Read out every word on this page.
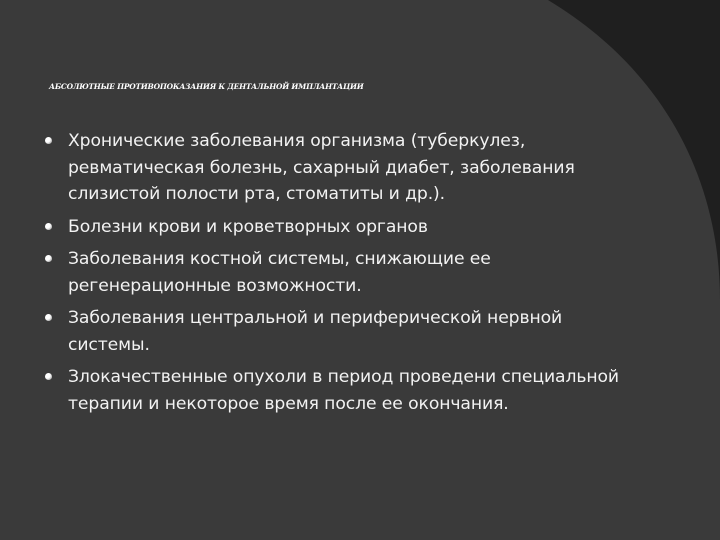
АБСОЛЮТНЫЕ ПРОТИВОПОКАЗАНИЯ К ДЕНТАЛЬНОЙ ИМПЛАНТАЦИИ
Хронические заболевания организма (туберкулез, ревматическая болезнь, сахарный диабет, заболевания слизистой полости рта, стоматиты и др.).
Болезни крови и кроветворных органов
Заболевания костной системы, снижающие ее регенерационные возможности.
Заболевания центральной и периферической нервной системы.
Злокачественные опухоли в период проведени специальной терапии и некоторое время после ее окончания.
